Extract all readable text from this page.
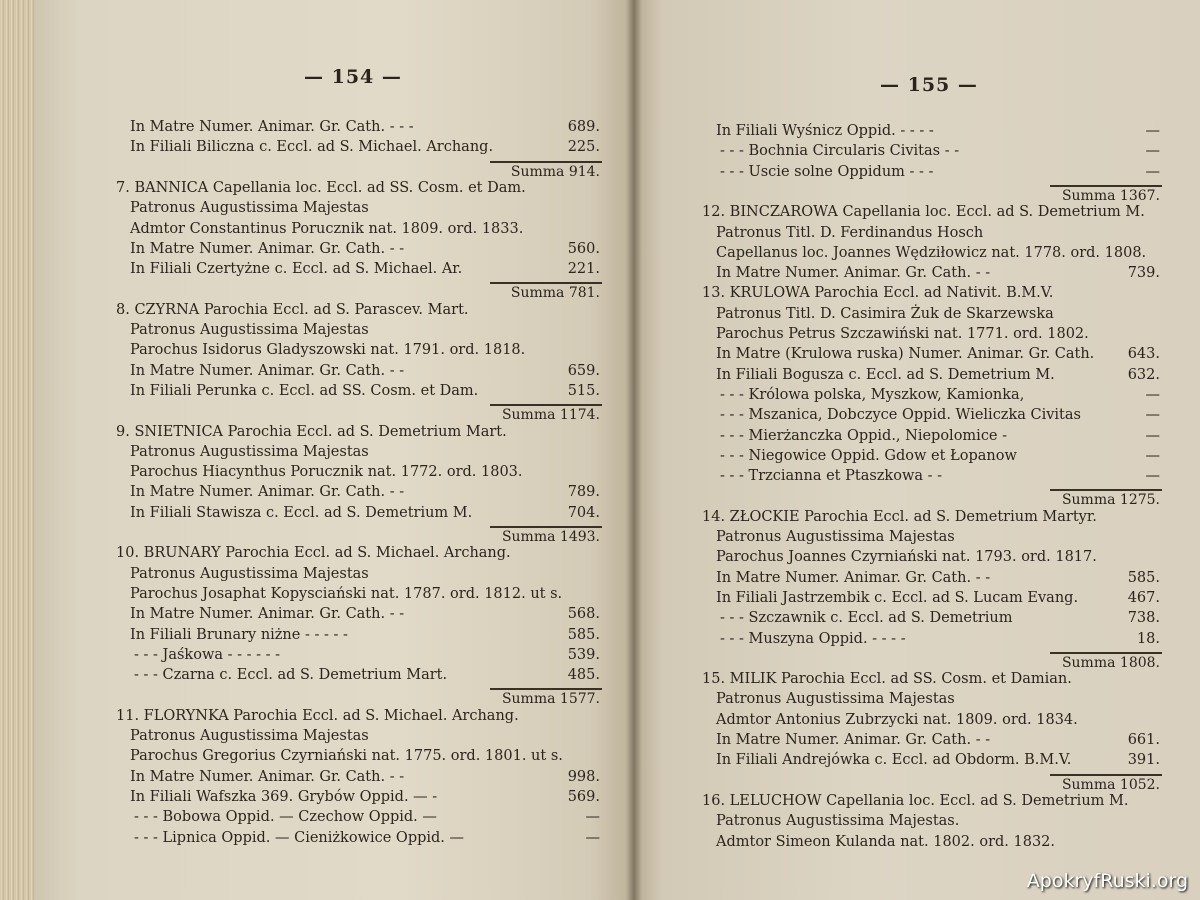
— 154 —
In Matre Numer. Animar. Gr. Cath. - - -	689.
In Filiali Biliczna c. Eccl. ad S. Michael. Archang.	225.
Summa 914.
7. BANNICA Capellania loc. Eccl. ad SS. Cosm. et Dam.
Patronus Augustissima Majestas
Admtor Constantinus Porucznik nat. 1809. ord. 1833.
In Matre Numer. Animar. Gr. Cath. - -	560.
In Filiali Czertyżne c. Eccl. ad S. Michael. Ar.	221.
Summa 781.
8. CZYRNA Parochia Eccl. ad S. Parascev. Mart.
Patronus Augustissima Majestas
Parochus Isidorus Gladyszowski nat. 1791. ord. 1818.
In Matre Numer. Animar. Gr. Cath. - -	659.
In Filiali Perunka c. Eccl. ad SS. Cosm. et Dam.	515.
Summa 1174.
9. SNIETNICA Parochia Eccl. ad S. Demetrium Mart.
Patronus Augustissima Majestas
Parochus Hiacynthus Porucznik nat. 1772. ord. 1803.
In Matre Numer. Animar. Gr. Cath. - -	789.
In Filiali Stawisza c. Eccl. ad S. Demetrium M.	704.
Summa 1493.
10. BRUNARY Parochia Eccl. ad S. Michael. Archang.
Patronus Augustissima Majestas
Parochus Josaphat Kopysciański nat. 1787. ord. 1812. ut s.
In Matre Numer. Animar. Gr. Cath. - -	568.
In Filiali Brunary niżne - - - - -	585.
- - - Jaśkowa - - - - - -	539.
- - - Czarna c. Eccl. ad S. Demetrium Mart.	485.
Summa 1577.
11. FLORYNKA Parochia Eccl. ad S. Michael. Archang.
Patronus Augustissima Majestas
Parochus Gregorius Czyrniański nat. 1775. ord. 1801. ut s.
In Matre Numer. Animar. Gr. Cath. - -	998.
In Filiali Wafszka 369. Grybów Oppid. — -	569.
- - - Bobowa Oppid. — Czechow Oppid. —	—
- - - Lipnica Oppid. — Cieniżkowice Oppid. —	—
— 155 —
In Filiali Wyśnicz Oppid. - - - -	—
- - - Bochnia Circularis Civitas - -	—
- - - Uscie solne Oppidum - - -	—
Summa 1367.
12. BINCZAROWA Capellania loc. Eccl. ad S. Demetrium M.
Patronus Titl. D. Ferdinandus Hosch
Capellanus loc. Joannes Wędziłowicz nat. 1778. ord. 1808.
In Matre Numer. Animar. Gr. Cath. - -	739.
13. KRULOWA Parochia Eccl. ad Nativit. B.M.V.
Patronus Titl. D. Casimira Żuk de Skarzewska
Parochus Petrus Szczawiński nat. 1771. ord. 1802.
In Matre (Krulowa ruska) Numer. Animar. Gr. Cath. 643.
In Filiali Bogusza c. Eccl. ad S. Demetrium M.	632.
- - - Królowa polska, Myszkow, Kamionka,	—
- - - Mszanica, Dobczyce Oppid. Wieliczka Civitas	—
- - - Mierżanczka Oppid., Niepolomice -	—
- - - Niegowice Oppid. Gdow et Łopanow	—
- - - Trzcianna et Ptaszkowa - -	—
Summa 1275.
14. ZŁOCKIE Parochia Eccl. ad S. Demetrium Martyr.
Patronus Augustissima Majestas
Parochus Joannes Czyrniański nat. 1793. ord. 1817.
In Matre Numer. Animar. Gr. Cath. - -	585.
In Filiali Jastrzembik c. Eccl. ad S. Lucam Evang.	467.
- - - Szczawnik c. Eccl. ad S. Demetrium	738.
- - - Muszyna Oppid. - - - -	18.
Summa 1808.
15. MILIK Parochia Eccl. ad SS. Cosm. et Damian.
Patronus Augustissima Majestas
Admtor Antonius Zubrzycki nat. 1809. ord. 1834.
In Matre Numer. Animar. Gr. Cath. - -	661.
In Filiali Andrejówka c. Eccl. ad Obdorm. B.M.V.	391.
Summa 1052.
16. LELUCHOW Capellania loc. Eccl. ad S. Demetrium M.
Patronus Augustissima Majestas.
Admtor Simeon Kulanda nat. 1802. ord. 1832.
ApokryfRuski.org
